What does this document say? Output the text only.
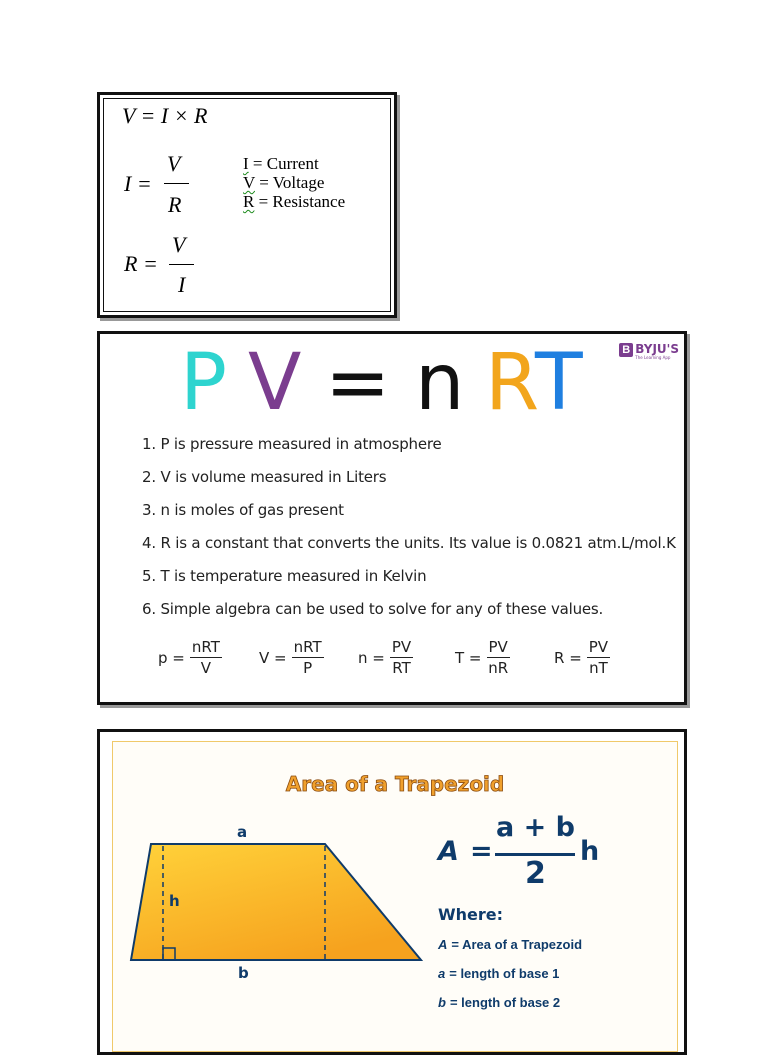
V = I × R
I =
V
R
R =
V
I
I = Current
V = Voltage
R = Resistance
P V = n R
T	B BYJU'S
The Learning App
1. P is pressure measured in atmosphere
2. V is volume measured in Liters
3. n is moles of gas present
4. R is a constant that converts the units. Its value is 0.0821 atm.L/mol.K
5. T is temperature measured in Kelvin
6. Simple algebra can be used to solve for any of these values.
$p = \frac{\text{nRT}}{V}$ $V = \frac{\text{nRT}}{P}$ $n = \frac{PV}{RT}$	$T = \frac{PV}{nR}$	$R = \frac{PV}{nT}$
Area of a Trapezoid
a
h
b
A =
a + b
2
h
Where:
A = Area of a Trapezoid
a = length of base 1
b = length of base 2
